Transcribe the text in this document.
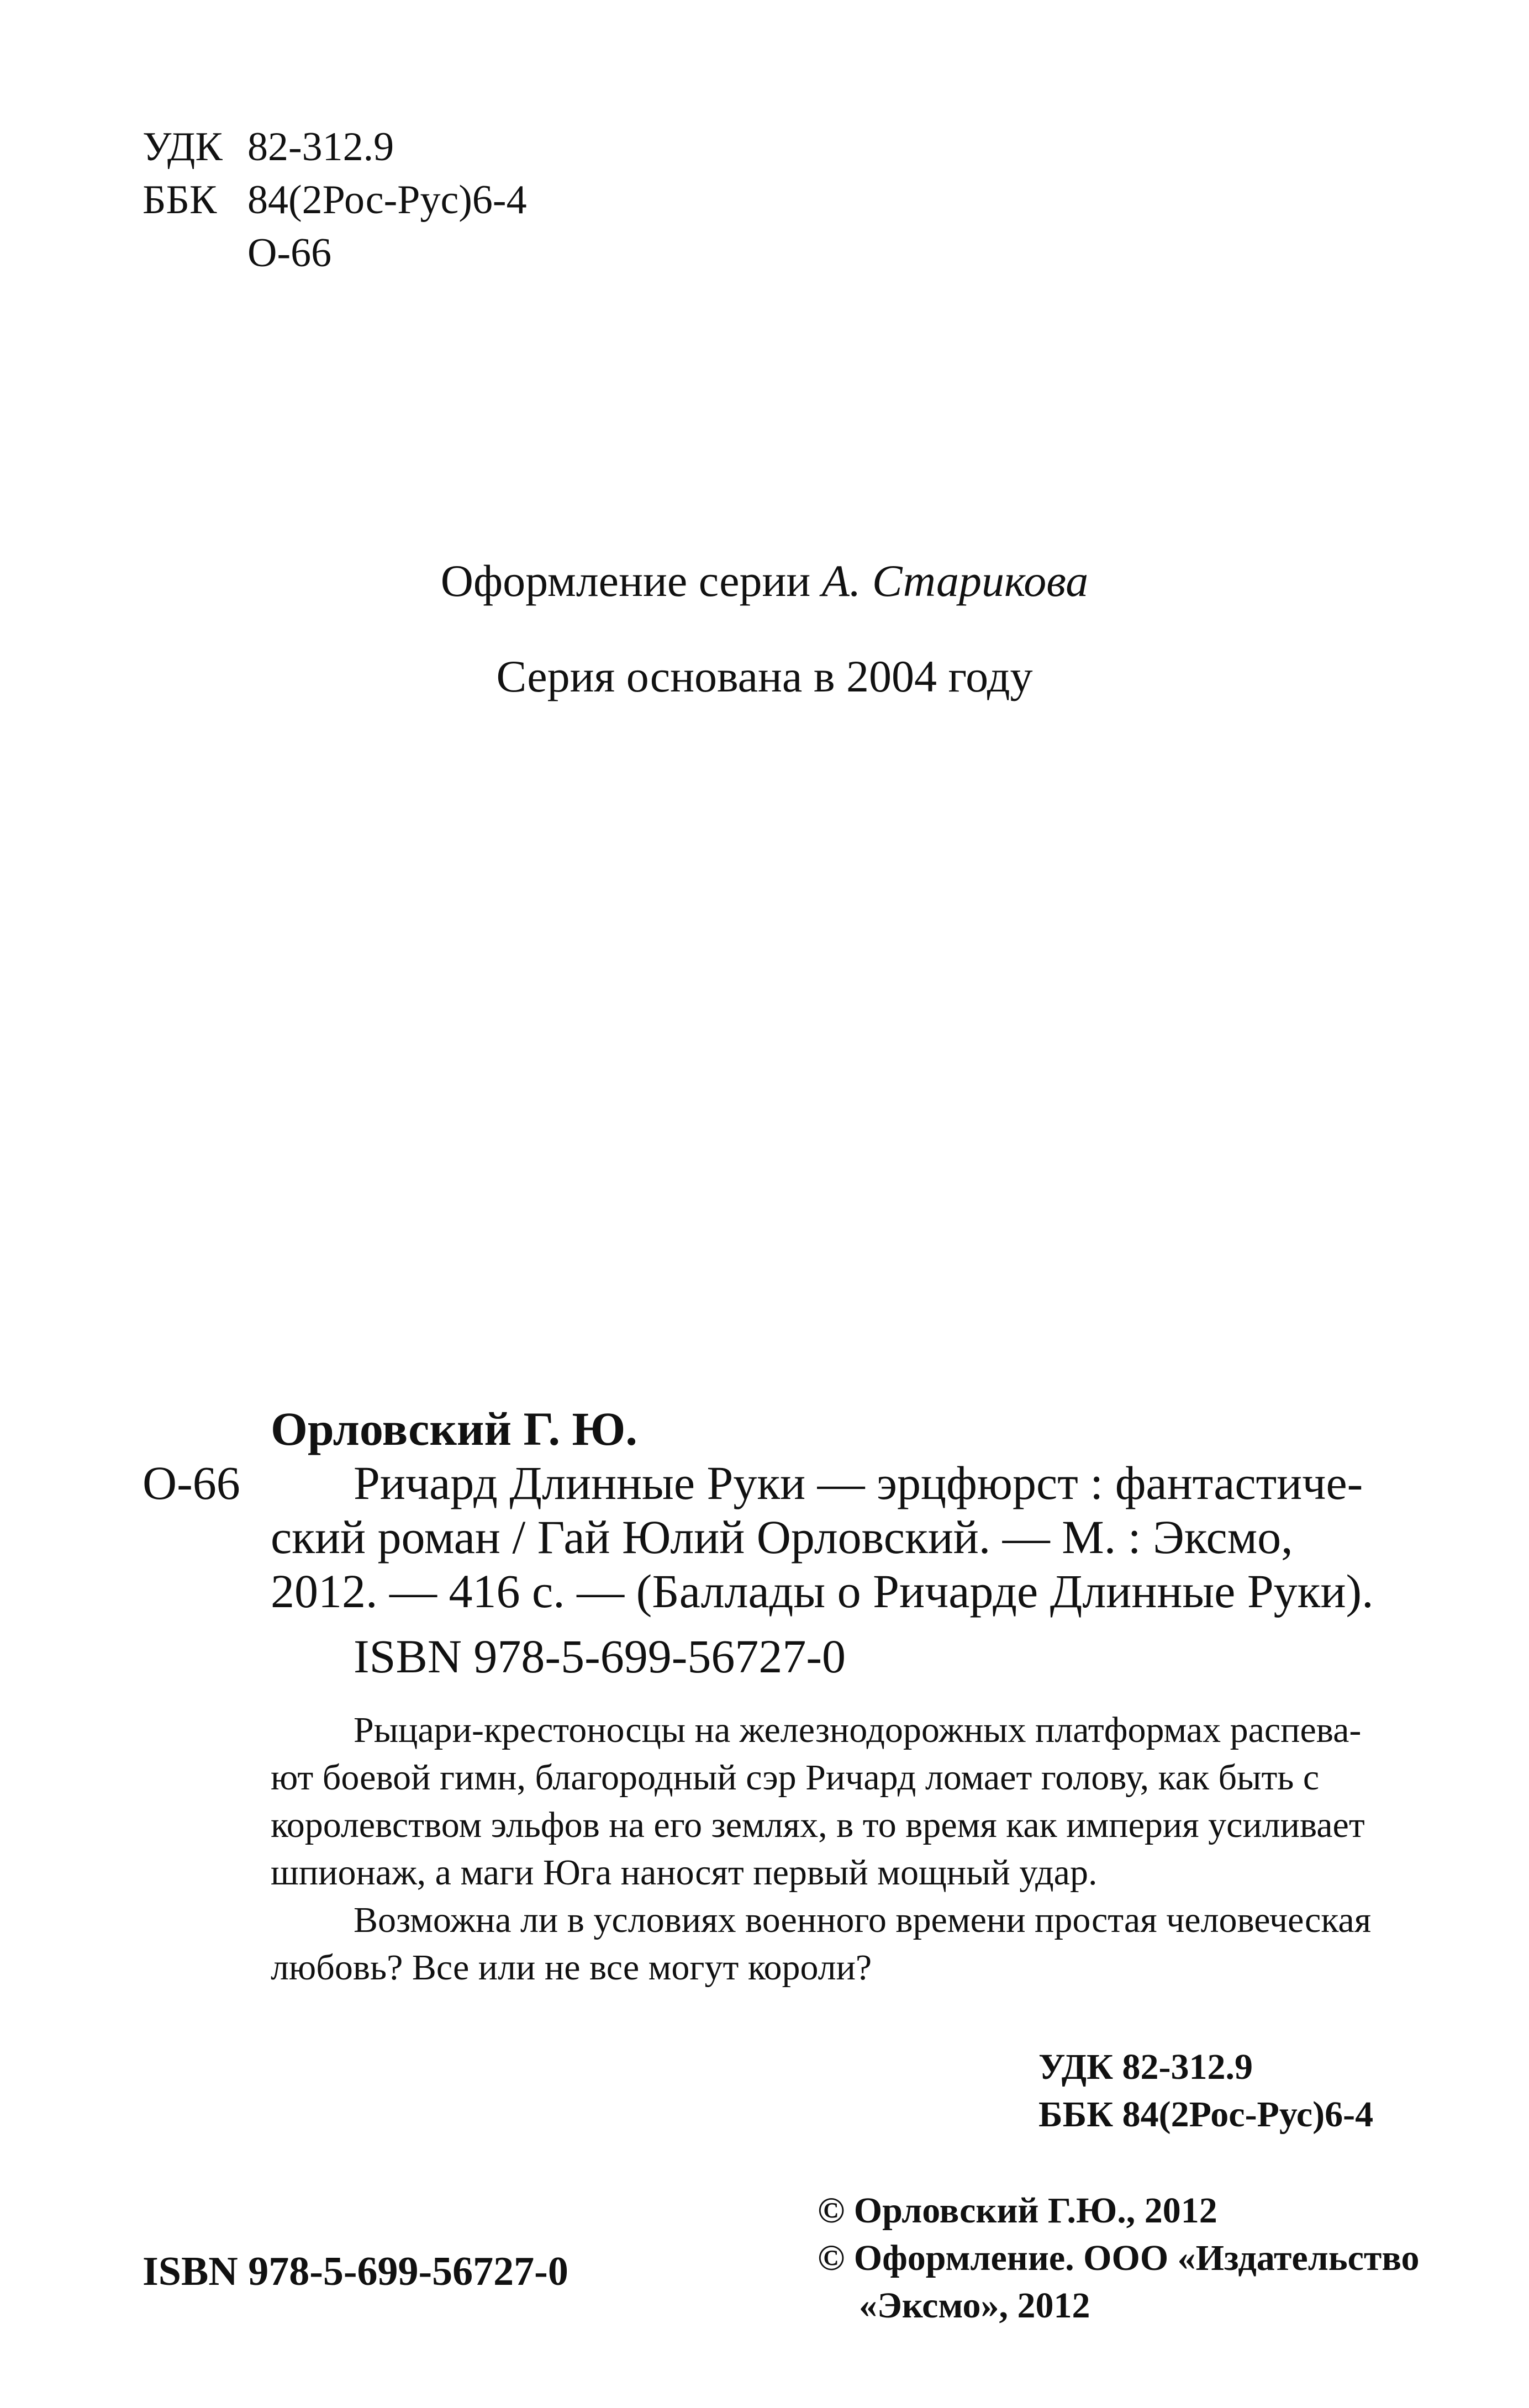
УДК 82-312.9
ББК 84(2Рос-Рус)6-4
О-66
Оформление серии А. Старикова
Серия основана в 2004 году
Орловский Г. Ю.
О-66 Ричард Длинные Руки — эрцфюрст : фантастиче-
ский роман / Гай Юлий Орловский. — М. : Эксмо,
2012. — 416 с. — (Баллады о Ричарде Длинные Руки).
ISBN 978-5-699-56727-0
Рыцари-крестоносцы на железнодорожных платформах распева-
ют боевой гимн, благородный сэр Ричард ломает голову, как быть с
королевством эльфов на его землях, в то время как империя усиливает
шпионаж, а маги Юга наносят первый мощный удар.
Возможна ли в условиях военного времени простая человеческая
любовь? Все или не все могут короли?
УДК 82-312.9
ББК 84(2Рос-Рус)6-4
ISBN 978-5-699-56727-0
© Орловский Г.Ю., 2012
© Оформление. ООО «Издательство
«Эксмо», 2012
